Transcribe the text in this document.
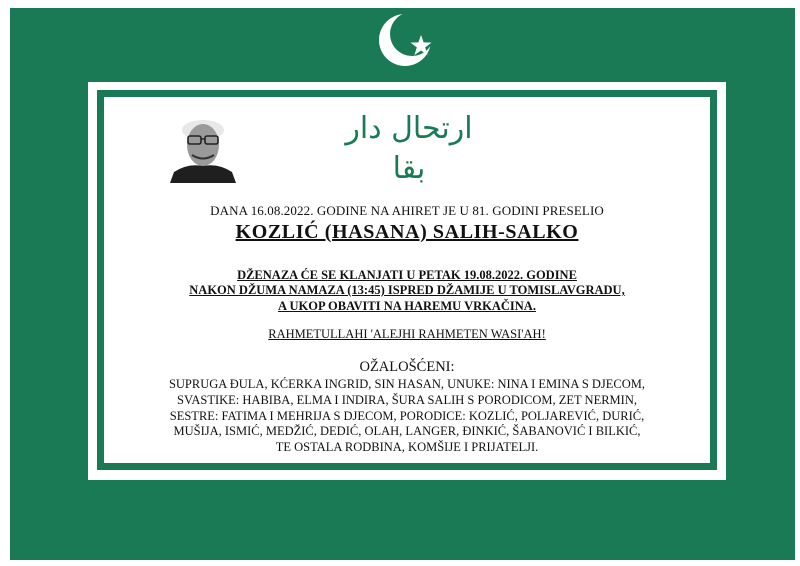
ارتحال دار بقا
DANA 16.08.2022. GODINE NA AHIRET JE U 81. GODINI PRESELIO
KOZLIĆ (HASANA) SALIH-SALKO
DŽENAZA ĆE SE KLANJATI U PETAK 19.08.2022. GODINE
NAKON DŽUMA NAMAZA (13:45) ISPRED DŽAMIJE U TOMISLAVGRADU,
A UKOP OBAVITI NA HAREMU VRKAČINA.
RAHMETULLAHI 'ALEJHI RAHMETEN WASI'AH!
OŽALOŠĆENI:
SUPRUGA ĐULA, KĆERKA INGRID, SIN HASAN, UNUKE: NINA I EMINA S DJECOM,
SVASTIKE: HABIBA, ELMA I INDIRA, ŠURA SALIH S PORODICOM, ZET NERMIN,
SESTRE: FATIMA I MEHRIJA S DJECOM, PORODICE: KOZLIĆ, POLJAREVIĆ, DURIĆ,
MUŠIJA, ISMIĆ, MEDŽIĆ, DEDIĆ, OLAH, LANGER, ĐINKIĆ, ŠABANOVIĆ I BILKIĆ,
TE OSTALA RODBINA, KOMŠIJE I PRIJATELJI.
